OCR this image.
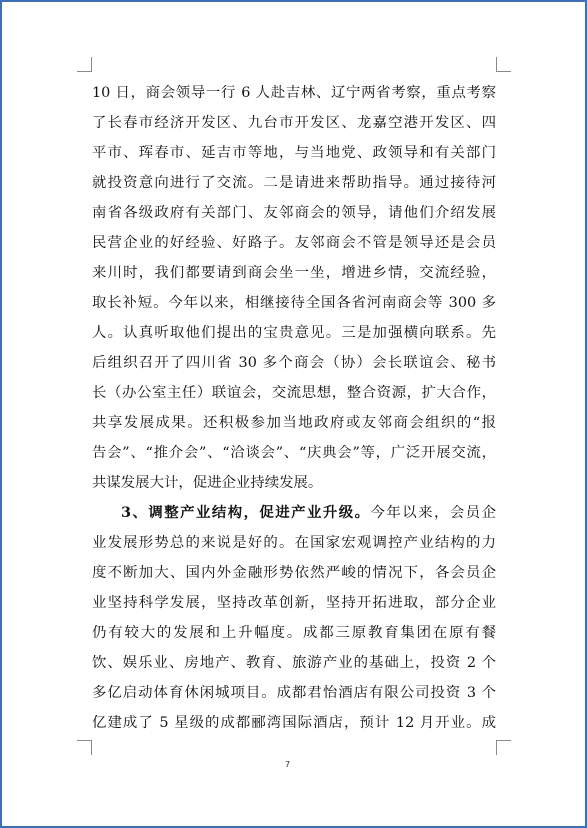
10 日，商会领导一行 6 人赴吉林、辽宁两省考察，重点考察
了长春市经济开发区、九台市开发区、龙嘉空港开发区、四
平市、珲春市、延吉市等地，与当地党、政领导和有关部门
就投资意向进行了交流。二是请进来帮助指导。通过接待河
南省各级政府有关部门、友邻商会的领导，请他们介绍发展
民营企业的好经验、好路子。友邻商会不管是领导还是会员
来川时，我们都要请到商会坐一坐，增进乡情，交流经验，
取长补短。今年以来，相继接待全国各省河南商会等 300 多
人。认真听取他们提出的宝贵意见。三是加强横向联系。先
后组织召开了四川省 30 多个商会（协）会长联谊会、秘书
长（办公室主任）联谊会，交流思想，整合资源，扩大合作，
共享发展成果。还积极参加当地政府或友邻商会组织的“报
告会”、“推介会”、“洽谈会”、“庆典会”等，广泛开展交流，
共谋发展大计，促进企业持续发展。
3、调整产业结构，促进产业升级。今年以来，会员企
业发展形势总的来说是好的。在国家宏观调控产业结构的力
度不断加大、国内外金融形势依然严峻的情况下，各会员企
业坚持科学发展，坚持改革创新，坚持开拓进取，部分企业
仍有较大的发展和上升幅度。成都三原教育集团在原有餐
饮、娱乐业、房地产、教育、旅游产业的基础上，投资 2 个
多亿启动体育休闲城项目。成都君怡酒店有限公司投资 3 个
亿建成了 5 星级的成都郦湾国际酒店，预计 12 月开业。成
7
